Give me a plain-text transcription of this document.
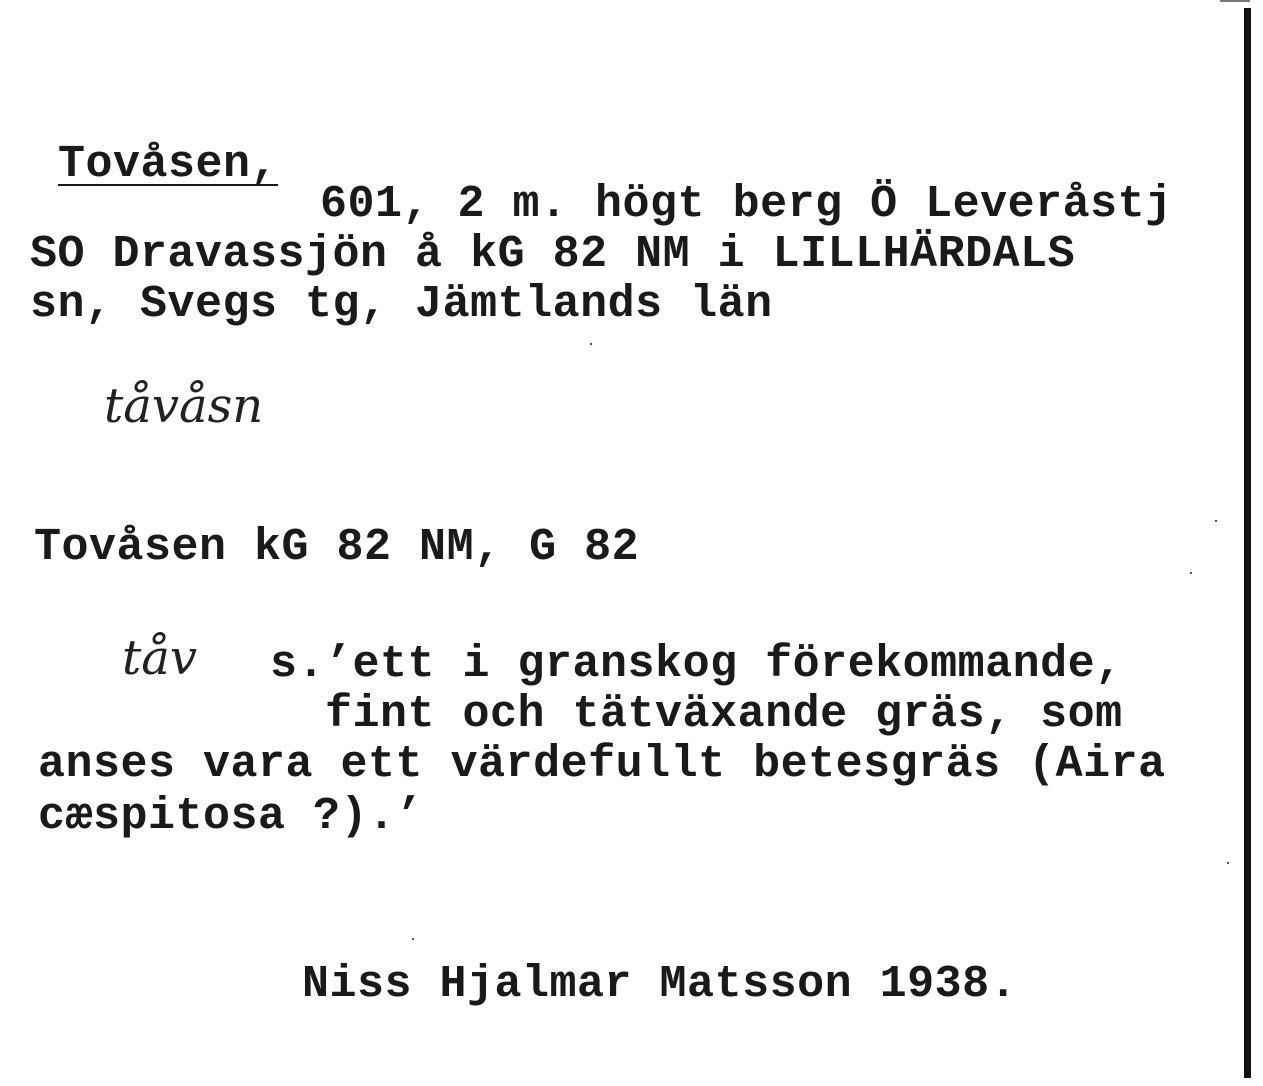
Tovåsen,
601, 2 m. högt berg Ö Leveråstj
SO Dravassjön å kG 82 NM i LILLHÄRDALS
sn, Svegs tg, Jämtlands län
tåvåsn
Tovåsen kG 82 NM, G 82
tåv s.’ett i granskog förekommande,
fint och tätväxande gräs, som
anses vara ett värdefullt betesgräs (Aira
cæspitosa ?).’
Niss Hjalmar Matsson 1938.
